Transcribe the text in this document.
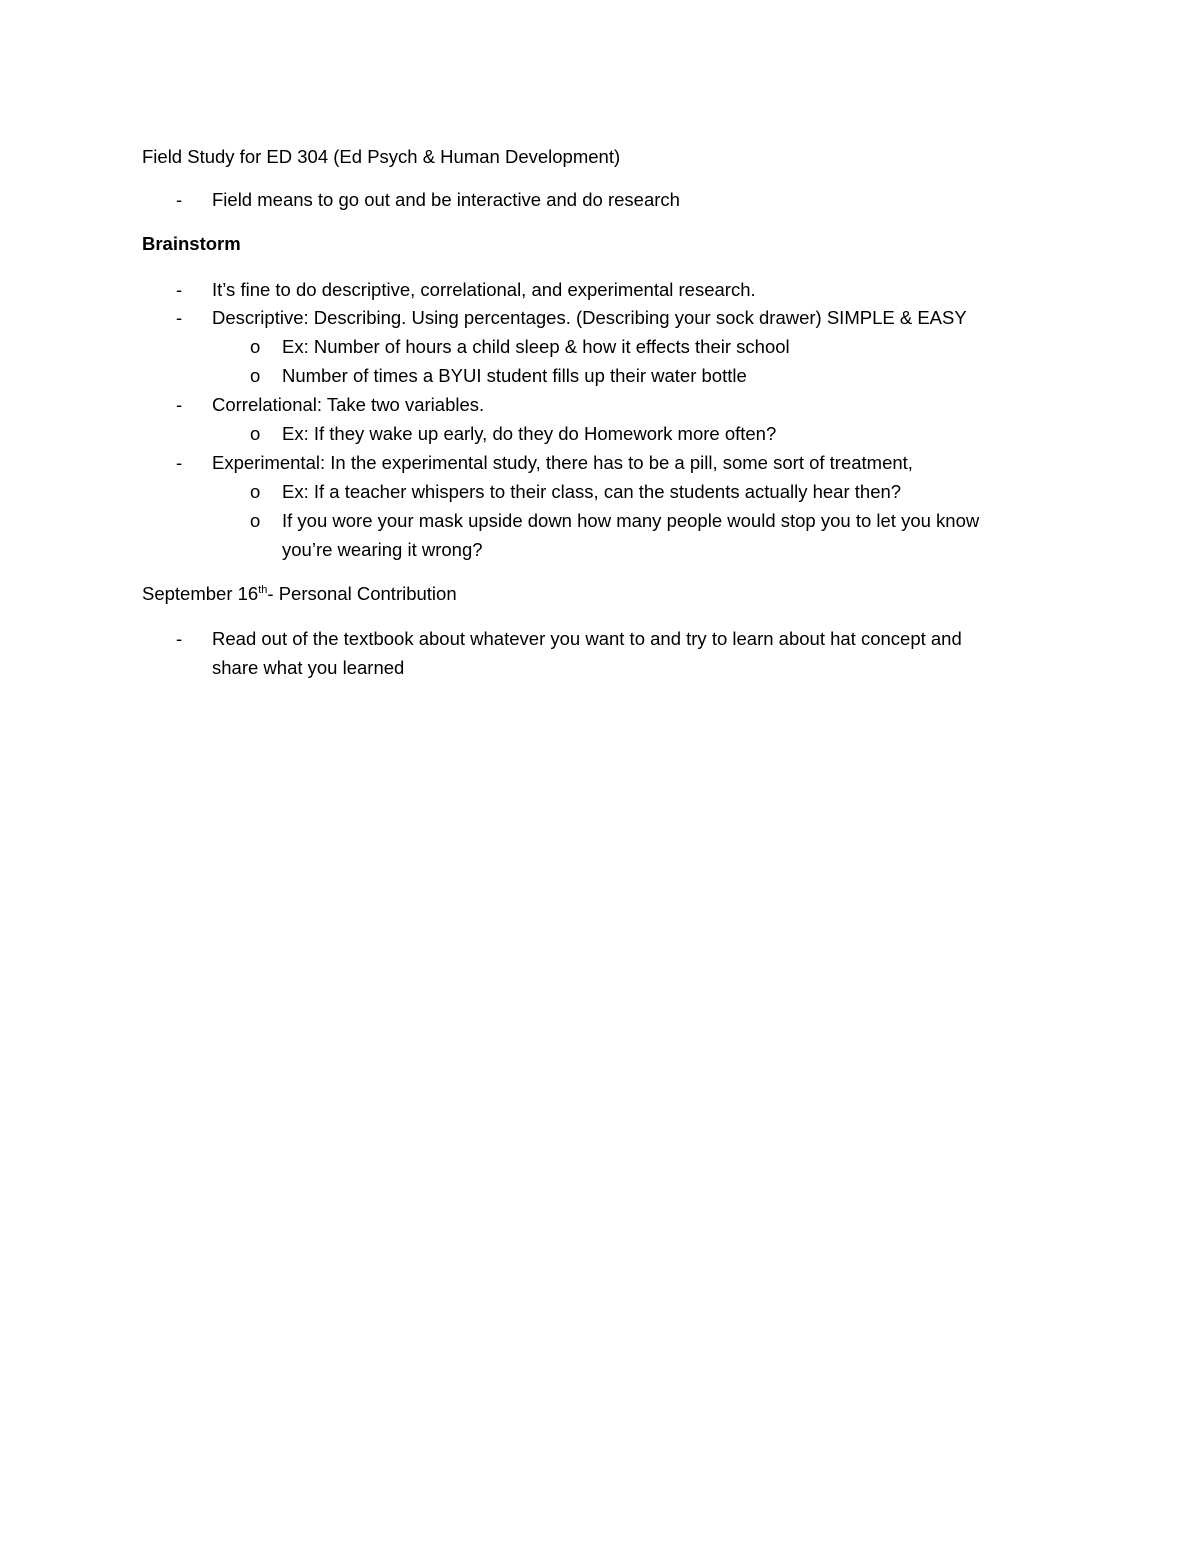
Field Study for ED 304 (Ed Psych & Human Development)
- Field means to go out and be interactive and do research
Brainstorm
- It’s fine to do descriptive, correlational, and experimental research.
- Descriptive: Describing. Using percentages. (Describing your sock drawer) SIMPLE & EASY
o Ex: Number of hours a child sleep & how it effects their school
o Number of times a BYUI student fills up their water bottle
- Correlational: Take two variables.
o Ex: If they wake up early, do they do Homework more often?
- Experimental: In the experimental study, there has to be a pill, some sort of treatment,
o Ex: If a teacher whispers to their class, can the students actually hear then?
o If you wore your mask upside down how many people would stop you to let you know
you’re wearing it wrong?
September 16th- Personal Contribution
- Read out of the textbook about whatever you want to and try to learn about hat concept and
share what you learned
